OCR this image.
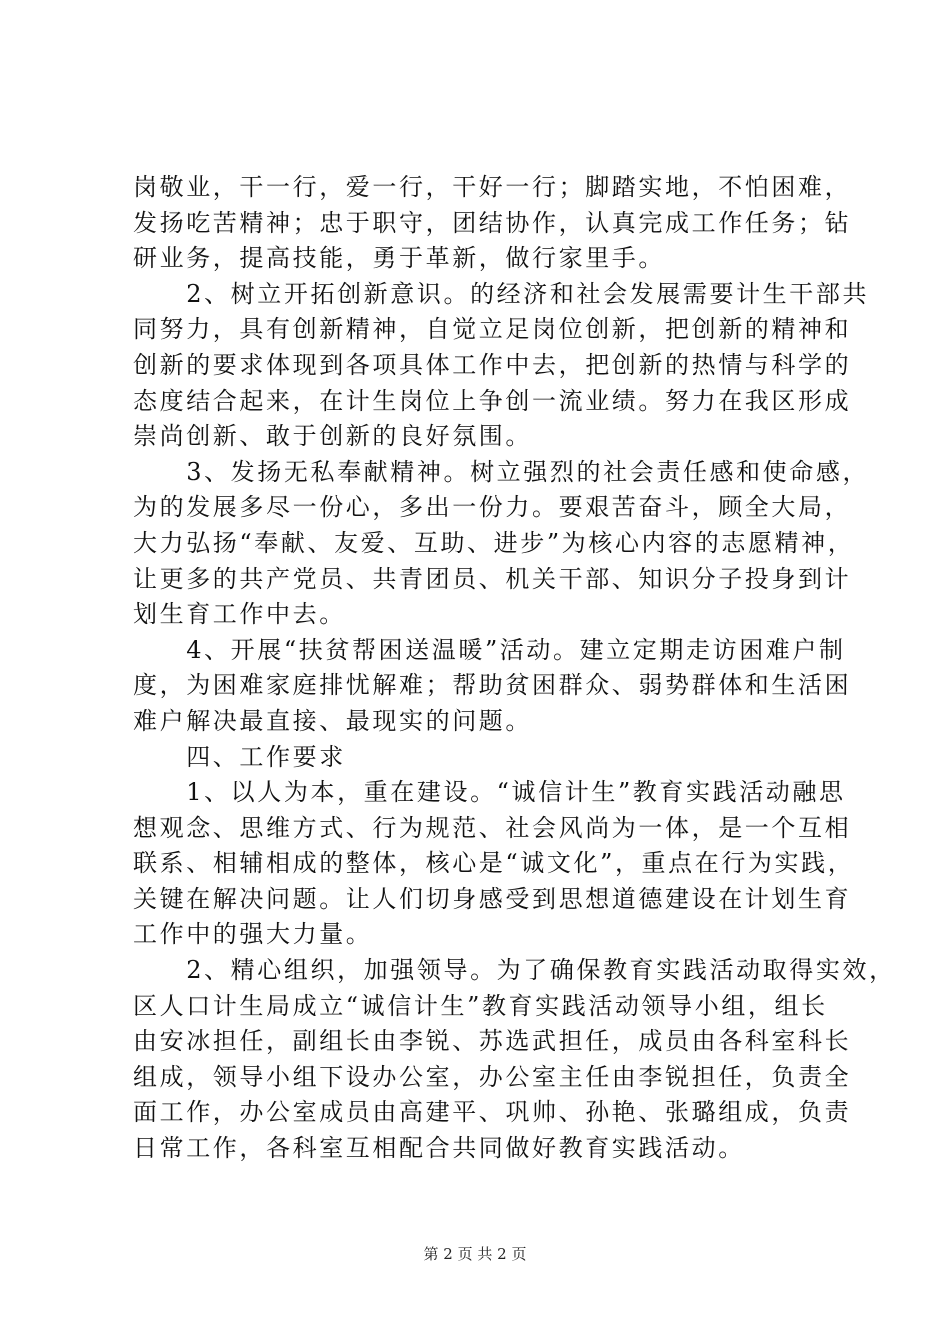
岗敬业，干一行，爱一行，干好一行；脚踏实地，不怕困难，
发扬吃苦精神；忠于职守，团结协作，认真完成工作任务；钻
研业务，提高技能，勇于革新，做行家里手。
　　2、树立开拓创新意识。的经济和社会发展需要计生干部共
同努力，具有创新精神，自觉立足岗位创新，把创新的精神和
创新的要求体现到各项具体工作中去，把创新的热情与科学的
态度结合起来，在计生岗位上争创一流业绩。努力在我区形成
崇尚创新、敢于创新的良好氛围。
　　3、发扬无私奉献精神。树立强烈的社会责任感和使命感，
为的发展多尽一份心，多出一份力。要艰苦奋斗，顾全大局，
大力弘扬“奉献、友爱、互助、进步”为核心内容的志愿精神，
让更多的共产党员、共青团员、机关干部、知识分子投身到计
划生育工作中去。
　　4、开展“扶贫帮困送温暖”活动。建立定期走访困难户制
度，为困难家庭排忧解难；帮助贫困群众、弱势群体和生活困
难户解决最直接、最现实的问题。
　　四、工作要求
　　1、以人为本，重在建设。“诚信计生”教育实践活动融思
想观念、思维方式、行为规范、社会风尚为一体，是一个互相
联系、相辅相成的整体，核心是“诚文化”，重点在行为实践，
关键在解决问题。让人们切身感受到思想道德建设在计划生育
工作中的强大力量。
　　2、精心组织，加强领导。为了确保教育实践活动取得实效，
区人口计生局成立“诚信计生”教育实践活动领导小组，组长
由安冰担任，副组长由李锐、苏选武担任，成员由各科室科长
组成，领导小组下设办公室，办公室主任由李锐担任，负责全
面工作，办公室成员由高建平、巩帅、孙艳、张璐组成，负责
日常工作，各科室互相配合共同做好教育实践活动。
第 2 页 共 2 页
